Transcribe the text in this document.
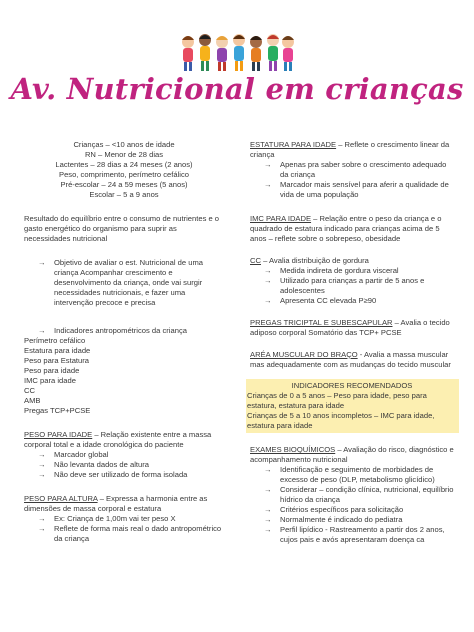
Av. Nutricional em crianças

Crianças – <10 anos de idade

RN – Menor de 28 dias

Lactentes – 28 dias a 24 meses (2 anos)

Peso, comprimento, perímetro cefálico

Pré-escolar – 24 a 59 meses (5 anos)

Escolar – 5 a 9 anos

Resultado do equilíbrio entre o consumo de nutrientes e o gasto energético do organismo para suprir as necessidades nutricional

→ Objetivo de avaliar o est. Nutricional de uma criança Acompanhar crescimento e desenvolvimento da criança, onde vai surgir necessidades nutricionais, e fazer uma intervenção precoce e precisa
→ Indicadores antropométricos da criança

Perímetro cefálico

Estatura para idade

Peso para Estatura

Peso para idade

IMC para idade

CC

AMB

Pregas TCP+PCSE

PESO PARA IDADE – Relação existente entre a massa corporal total e a idade cronológica do paciente

→ Marcador global
→ Não levanta dados de altura
→ Não deve ser utilizado de forma isolada

PESO PARA ALTURA – Expressa a harmonia entre as dimensões de massa corporal e estatura

→ Ex: Criança de 1,00m vai ter peso X
→ Reflete de forma mais real o dado antropométrico da criança

ESTATURA PARA IDADE – Reflete o crescimento linear da criança

→ Apenas pra saber sobre o crescimento adequado da criança
→ Marcador mais sensível para aferir a qualidade de vida de uma população

IMC PARA IDADE – Relação entre o peso da criança e o quadrado de estatura indicado para crianças acima de 5 anos – reflete sobre o sobrepeso, obesidade

CC – Avalia distribuição de gordura

→ Medida indireta de gordura visceral
→ Utilizado para crianças a partir de 5 anos e adolescentes
→ Apresenta CC elevada P≥90

PREGAS TRICIPTAL E SUBESCAPULAR – Avalia o tecido adiposo corporal Somatório das TCP+ PCSE

ARÉA MUSCULAR DO BRAÇO - Avalia a massa muscular mas adequadamente com as mudanças do tecido muscular

INDICADORES RECOMENDADOS

Crianças de 0 a 5 anos – Peso para idade, peso para estatura, estatura para idade

Crianças de 5 a 10 anos incompletos – IMC para idade, estatura para idade

EXAMES BIOQUÍMICOS – Avaliação do risco, diagnóstico e acompanhamento nutricional

→ Identificação e seguimento de morbidades de excesso de peso (DLP, metabolismo glicídico)
→ Considerar – condição clínica, nutricional, equilíbrio hídrico da criança
→ Critérios específicos para solicitação
→ Normalmente é indicado do pediatra
→ Perfil lipídico - Rastreamento a partir dos 2 anos, cujos pais e avós apresentaram doença ca
